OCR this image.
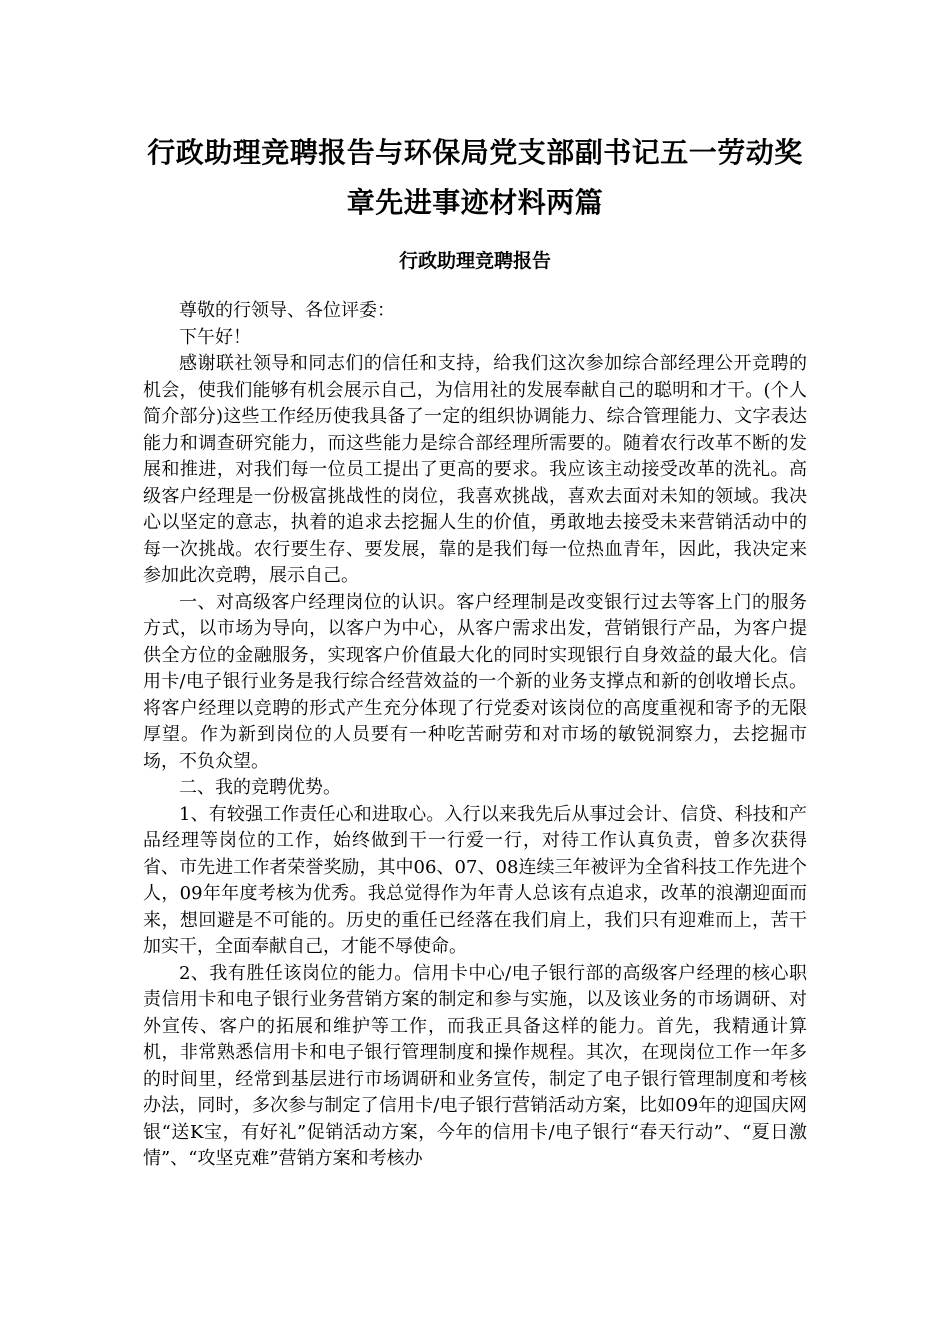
行政助理竞聘报告与环保局党支部副书记五一劳动奖章先进事迹材料两篇
行政助理竞聘报告

尊敬的行领导、各位评委：

下午好！

感谢联社领导和同志们的信任和支持，给我们这次参加综合部经理公开竞聘的机会，使我们能够有机会展示自己，为信用社的发展奉献自己的聪明和才干。(个人简介部分)这些工作经历使我具备了一定的组织协调能力、综合管理能力、文字表达能力和调查研究能力，而这些能力是综合部经理所需要的。随着农行改革不断的发展和推进，对我们每一位员工提出了更高的要求。我应该主动接受改革的洗礼。高级客户经理是一份极富挑战性的岗位，我喜欢挑战，喜欢去面对未知的领域。我决心以坚定的意志，执着的追求去挖掘人生的价值，勇敢地去接受未来营销活动中的每一次挑战。农行要生存、要发展，靠的是我们每一位热血青年，因此，我决定来参加此次竞聘，展示自己。

一、对高级客户经理岗位的认识。客户经理制是改变银行过去等客上门的服务方式，以市场为导向，以客户为中心，从客户需求出发，营销银行产品，为客户提供全方位的金融服务，实现客户价值最大化的同时实现银行自身效益的最大化。信用卡/电子银行业务是我行综合经营效益的一个新的业务支撑点和新的创收增长点。将客户经理以竞聘的形式产生充分体现了行党委对该岗位的高度重视和寄予的无限厚望。作为新到岗位的人员要有一种吃苦耐劳和对市场的敏锐洞察力，去挖掘市场，不负众望。

二、我的竞聘优势。

1、有较强工作责任心和进取心。入行以来我先后从事过会计、信贷、科技和产品经理等岗位的工作，始终做到干一行爱一行，对待工作认真负责，曾多次获得省、市先进工作者荣誉奖励，其中06、07、08连续三年被评为全省科技工作先进个人，09年年度考核为优秀。我总觉得作为年青人总该有点追求，改革的浪潮迎面而来，想回避是不可能的。历史的重任已经落在我们肩上，我们只有迎难而上，苦干加实干，全面奉献自己，才能不辱使命。

2、我有胜任该岗位的能力。信用卡中心/电子银行部的高级客户经理的核心职责信用卡和电子银行业务营销方案的制定和参与实施，以及该业务的市场调研、对外宣传、客户的拓展和维护等工作，而我正具备这样的能力。首先，我精通计算机，非常熟悉信用卡和电子银行管理制度和操作规程。其次，在现岗位工作一年多的时间里，经常到基层进行市场调研和业务宣传，制定了电子银行管理制度和考核办法，同时，多次参与制定了信用卡/电子银行营销活动方案，比如09年的迎国庆网银“送K宝，有好礼”促销活动方案，今年的信用卡/电子银行“春天行动”、“夏日激情”、“攻坚克难”营销方案和考核办
